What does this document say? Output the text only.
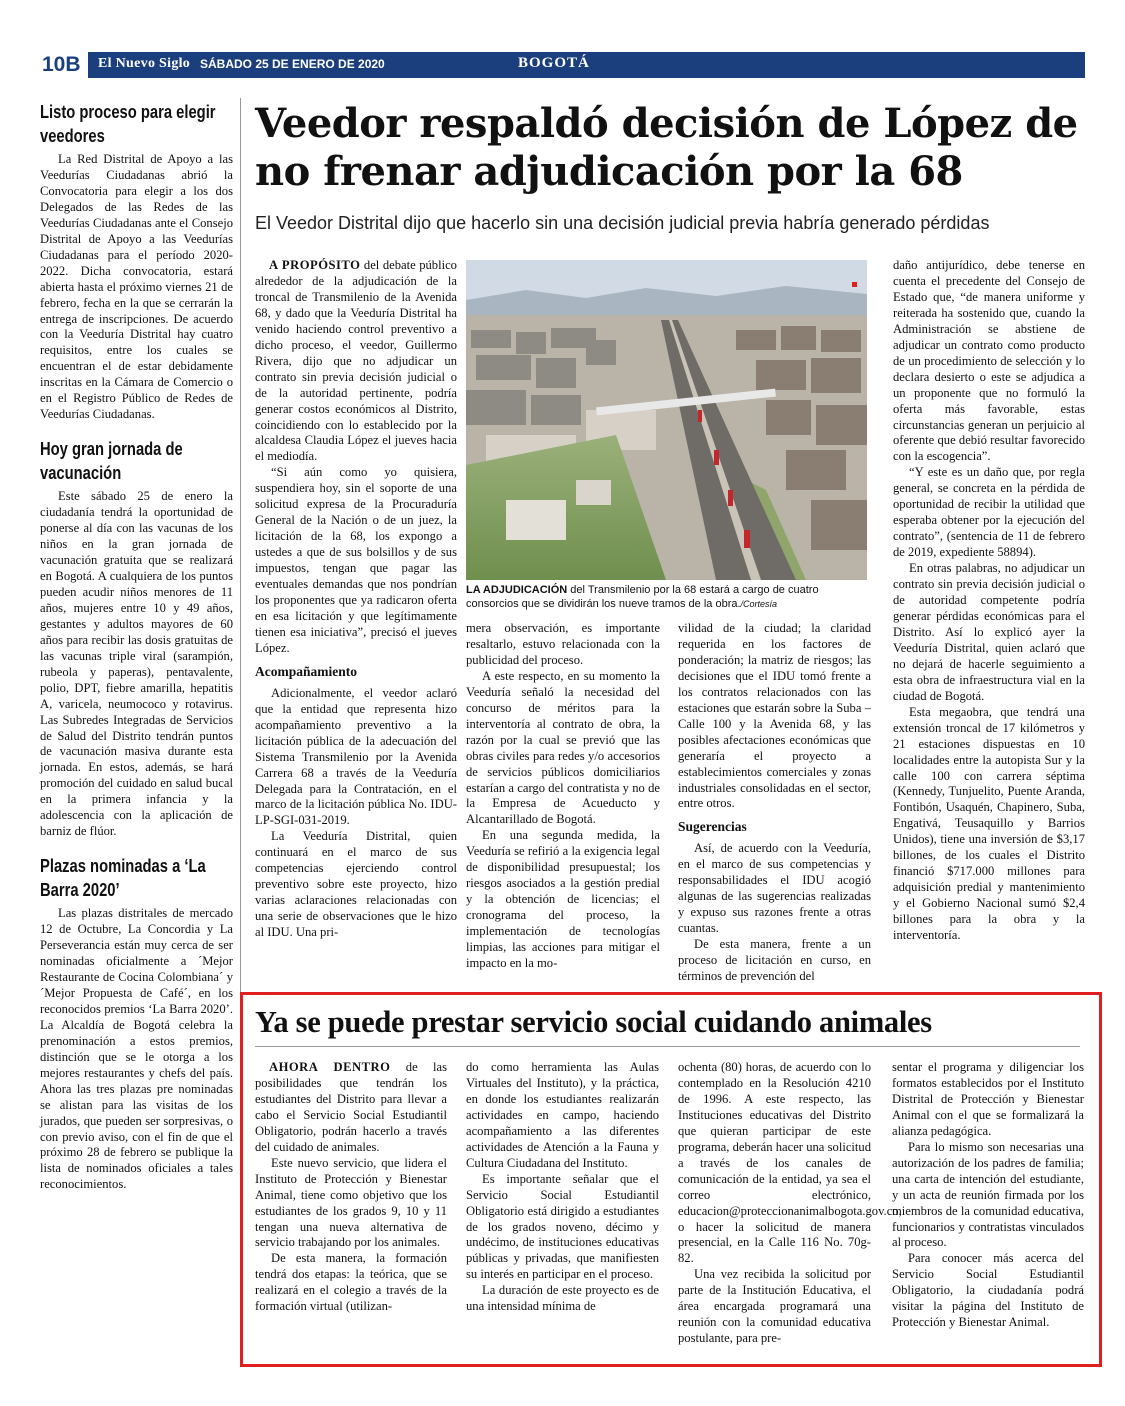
10B	El Nuevo Siglo SÁBADO 25 DE ENERO DE 2020	BOGOTÁ
Listo proceso para elegir veedores

La Red Distrital de Apoyo a las Veedurías Ciudadanas abrió la Convocatoria para elegir a los dos Delegados de las Redes de las Veedurías Ciudadanas ante el Consejo Distrital de Apoyo a las Veedurías Ciudadanas para el período 2020-2022. Dicha convocatoria, estará abierta hasta el próximo viernes 21 de febrero, fecha en la que se cerrarán la entrega de inscripciones. De acuerdo con la Veeduría Distrital hay cuatro requisitos, entre los cuales se encuentran el de estar debidamente inscritas en la Cámara de Comercio o en el Registro Público de Redes de Veedurías Ciudadanas.

Hoy gran jornada de vacunación

Este sábado 25 de enero la ciudadanía tendrá la oportunidad de ponerse al día con las vacunas de los niños en la gran jornada de vacunación gratuita que se realizará en Bogotá. A cualquiera de los puntos pueden acudir niños menores de 11 años, mujeres entre 10 y 49 años, gestantes y adultos mayores de 60 años para recibir las dosis gratuitas de las vacunas triple viral (sarampión, rubeola y paperas), pentavalente, polio, DPT, fiebre amarilla, hepatitis A, varicela, neumococo y rotavirus. Las Subredes Integradas de Servicios de Salud del Distrito tendrán puntos de vacunación masiva durante esta jornada. En estos, además, se hará promoción del cuidado en salud bucal en la primera infancia y la adolescencia con la aplicación de barniz de flúor.

Plazas nominadas a ‘La Barra 2020’

Las plazas distritales de mercado 12 de Octubre, La Concordia y La Perseverancia están muy cerca de ser nominadas oficialmente a ´Mejor Restaurante de Cocina Colombiana´ y ´Mejor Propuesta de Café´, en los reconocidos premios ‘La Barra 2020’. La Alcaldía de Bogotá celebra la prenominación a estos premios, distinción que se le otorga a los mejores restaurantes y chefs del país. Ahora las tres plazas pre nominadas se alistan para las visitas de los jurados, que pueden ser sorpresivas, o con previo aviso, con el fin de que el próximo 28 de febrero se publique la lista de nominados oficiales a tales reconocimientos.

Veedor respaldó decisión de López de no frenar adjudicación por la 68
El Veedor Distrital dijo que hacerlo sin una decisión judicial previa habría generado pérdidas

A PROPÓSITO del debate público alrededor de la adjudicación de la troncal de Transmilenio de la Avenida 68, y dado que la Veeduría Distrital ha venido haciendo control preventivo a dicho proceso, el veedor, Guillermo Rivera, dijo que no adjudicar un contrato sin previa decisión judicial o de la autoridad pertinente, podría generar costos económicos al Distrito, coincidiendo con lo establecido por la alcaldesa Claudia López el jueves hacia el mediodía.

“Si aún como yo quisiera, suspendiera hoy, sin el soporte de una solicitud expresa de la Procuraduría General de la Nación o de un juez, la licitación de la 68, los expongo a ustedes a que de sus bolsillos y de sus impuestos, tengan que pagar las eventuales demandas que nos pondrían los proponentes que ya radicaron oferta en esa licitación y que legítimamente tienen esa iniciativa”, precisó el jueves López.

Acompañamiento

Adicionalmente, el veedor aclaró que la entidad que representa hizo acompañamiento preventivo a la licitación pública de la adecuación del Sistema Transmilenio por la Avenida Carrera 68 a través de la Veeduría Delegada para la Contratación, en el marco de la licitación pública No. IDU-LP-SGI-031-2019.

La Veeduría Distrital, quien continuará en el marco de sus competencias ejerciendo control preventivo sobre este proyecto, hizo varias aclaraciones relacionadas con una serie de observaciones que le hizo al IDU. Una pri-

LA ADJUDICACIÓN del Transmilenio por la 68 estará a cargo de cuatro consorcios que se dividirán los nueve tramos de la obra./Cortesía

mera observación, es importante resaltarlo, estuvo relacionada con la publicidad del proceso.

A este respecto, en su momento la Veeduría señaló la necesidad del concurso de méritos para la interventoría al contrato de obra, la razón por la cual se previó que las obras civiles para redes y/o accesorios de servicios públicos domiciliarios estarían a cargo del contratista y no de la Empresa de Acueducto y Alcantarillado de Bogotá.

En una segunda medida, la Veeduría se refirió a la exigencia legal de disponibilidad presupuestal; los riesgos asociados a la gestión predial y la obtención de licencias; el cronograma del proceso, la implementación de tecnologías limpias, las acciones para mitigar el impacto en la mo-

vilidad de la ciudad; la claridad requerida en los factores de ponderación; la matriz de riesgos; las decisiones que el IDU tomó frente a los contratos relacionados con las estaciones que estarán sobre la Suba – Calle 100 y la Avenida 68, y las posibles afectaciones económicas que generaría el proyecto a establecimientos comerciales y zonas industriales consolidadas en el sector, entre otros.

Sugerencias

Así, de acuerdo con la Veeduría, en el marco de sus competencias y responsabilidades el IDU acogió algunas de las sugerencias realizadas y expuso sus razones frente a otras cuantas.

De esta manera, frente a un proceso de licitación en curso, en términos de prevención del

daño antijurídico, debe tenerse en cuenta el precedente del Consejo de Estado que, “de manera uniforme y reiterada ha sostenido que, cuando la Administración se abstiene de adjudicar un contrato como producto de un procedimiento de selección y lo declara desierto o este se adjudica a un proponente que no formuló la oferta más favorable, estas circunstancias generan un perjuicio al oferente que debió resultar favorecido con la escogencia”.

“Y este es un daño que, por regla general, se concreta en la pérdida de oportunidad de recibir la utilidad que esperaba obtener por la ejecución del contrato”, (sentencia de 11 de febrero de 2019, expediente 58894).

En otras palabras, no adjudicar un contrato sin previa decisión judicial o de autoridad competente podría generar pérdidas económicas para el Distrito. Así lo explicó ayer la Veeduría Distrital, quien aclaró que no dejará de hacerle seguimiento a esta obra de infraestructura vial en la ciudad de Bogotá.

Esta megaobra, que tendrá una extensión troncal de 17 kilómetros y 21 estaciones dispuestas en 10 localidades entre la autopista Sur y la calle 100 con carrera séptima (Kennedy, Tunjuelito, Puente Aranda, Fontibón, Usaquén, Chapinero, Suba, Engativá, Teusaquillo y Barrios Unidos), tiene una inversión de $3,17 billones, de los cuales el Distrito financió $717.000 millones para adquisición predial y mantenimiento y el Gobierno Nacional sumó $2,4 billones para la obra y la interventoría.

Ya se puede prestar servicio social cuidando animales

AHORA DENTRO de las posibilidades que tendrán los estudiantes del Distrito para llevar a cabo el Servicio Social Estudiantil Obligatorio, podrán hacerlo a través del cuidado de animales.

Este nuevo servicio, que lidera el Instituto de Protección y Bienestar Animal, tiene como objetivo que los estudiantes de los grados 9, 10 y 11 tengan una nueva alternativa de servicio trabajando por los animales.

De esta manera, la formación tendrá dos etapas: la teórica, que se realizará en el colegio a través de la formación virtual (utilizan-

do como herramienta las Aulas Virtuales del Instituto), y la práctica, en donde los estudiantes realizarán actividades en campo, haciendo acompañamiento a las diferentes actividades de Atención a la Fauna y Cultura Ciudadana del Instituto.

Es importante señalar que el Servicio Social Estudiantil Obligatorio está dirigido a estudiantes de los grados noveno, décimo y undécimo, de instituciones educativas públicas y privadas, que manifiesten su interés en participar en el proceso.

La duración de este proyecto es de una intensidad mínima de

ochenta (80) horas, de acuerdo con lo contemplado en la Resolución 4210 de 1996. A este respecto, las Instituciones educativas del Distrito que quieran participar de este programa, deberán hacer una solicitud a través de los canales de comunicación de la entidad, ya sea el correo electrónico, educacion@proteccionanimalbogota.gov.co, o hacer la solicitud de manera presencial, en la Calle 116 No. 70g-82.

Una vez recibida la solicitud por parte de la Institución Educativa, el área encargada programará una reunión con la comunidad educativa postulante, para pre-

sentar el programa y diligenciar los formatos establecidos por el Instituto Distrital de Protección y Bienestar Animal con el que se formalizará la alianza pedagógica.

Para lo mismo son necesarias una autorización de los padres de familia; una carta de intención del estudiante, y un acta de reunión firmada por los miembros de la comunidad educativa, funcionarios y contratistas vinculados al proceso.

Para conocer más acerca del Servicio Social Estudiantil Obligatorio, la ciudadanía podrá visitar la página del Instituto de Protección y Bienestar Animal.
